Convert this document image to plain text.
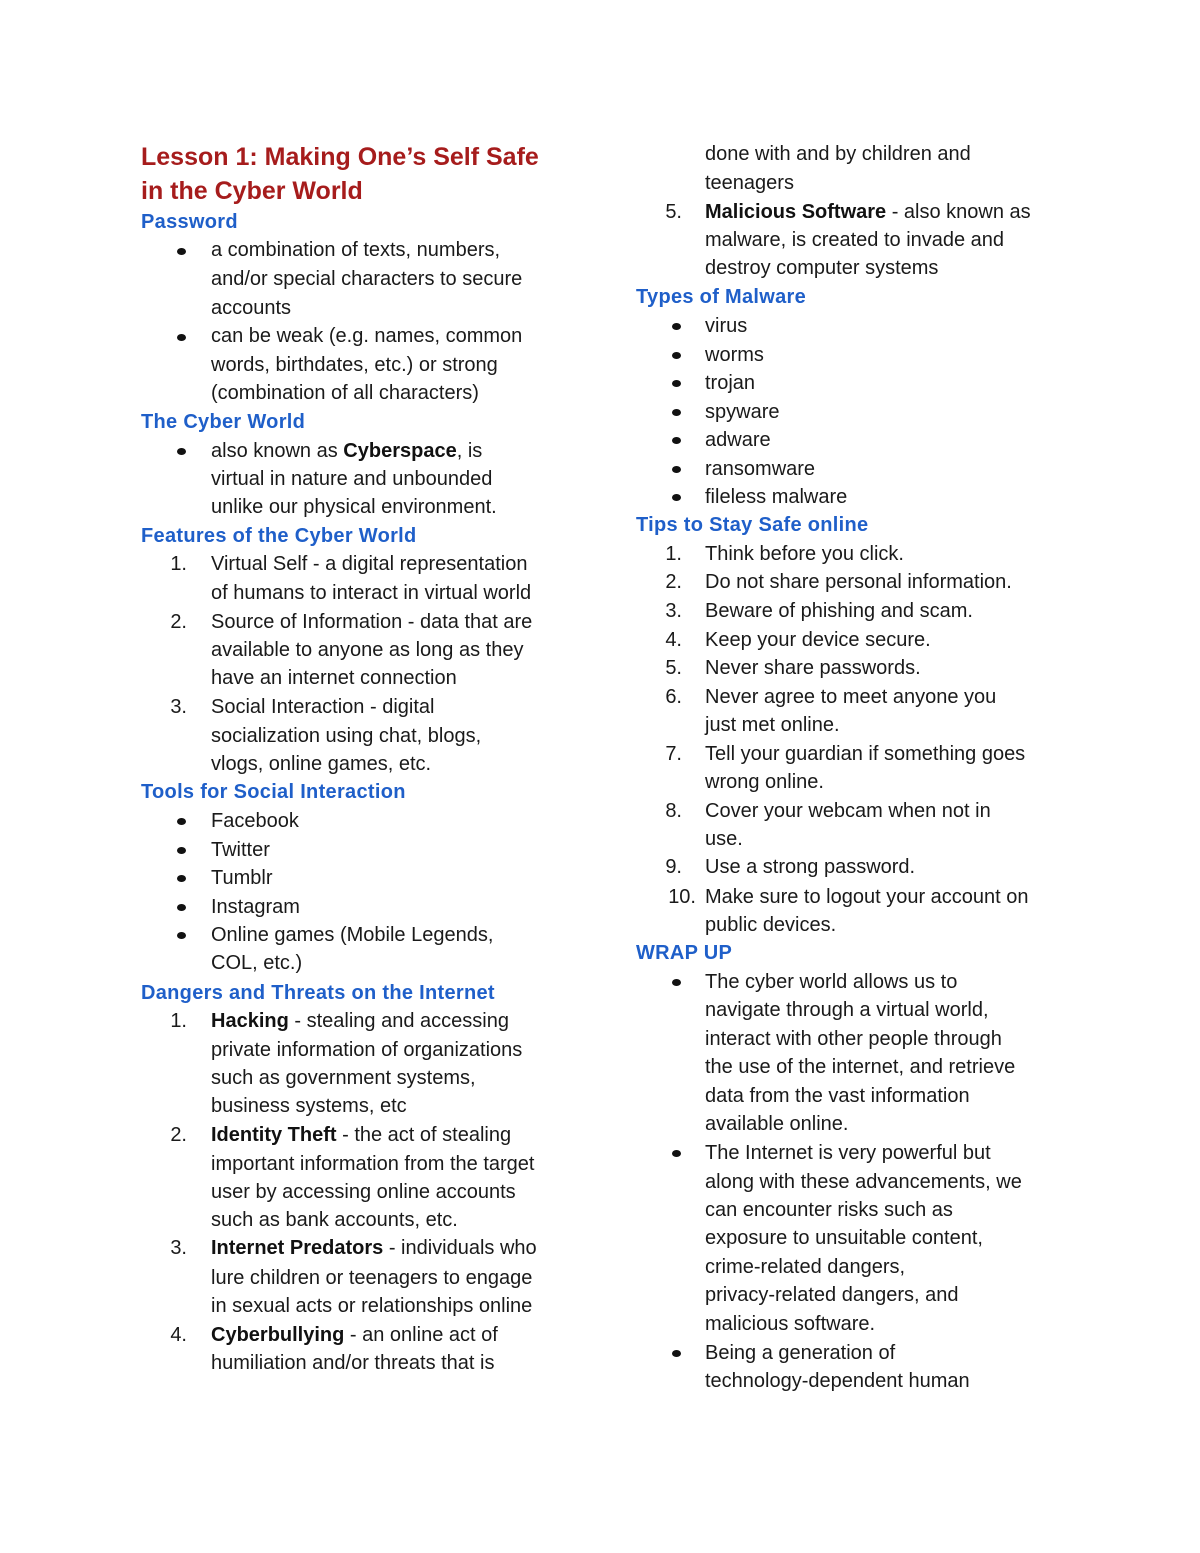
Lesson 1: Making One’s Self Safe
in the Cyber World
Password
a combination of texts, numbers,
and/or special characters to secure
accounts
can be weak (e.g. names, common
words, birthdates, etc.) or strong
(combination of all characters)
The Cyber World
also known as Cyberspace, is
virtual in nature and unbounded
unlike our physical environment.
Features of the Cyber World
1. Virtual Self - a digital representation
of humans to interact in virtual world
2. Source of Information - data that are
available to anyone as long as they
have an internet connection
3. Social Interaction - digital
socialization using chat, blogs,
vlogs, online games, etc.
Tools for Social Interaction
Facebook
Twitter
Tumblr
Instagram
Online games (Mobile Legends,
COL, etc.)
Dangers and Threats on the Internet
1. Hacking - stealing and accessing
private information of organizations
such as government systems,
business systems, etc
2. Identity Theft - the act of stealing
important information from the target
user by accessing online accounts
such as bank accounts, etc.
3. Internet Predators - individuals who
lure children or teenagers to engage
in sexual acts or relationships online
4. Cyberbullying - an online act of
humiliation and/or threats that is
done with and by children and
teenagers
5. Malicious Software - also known as
malware, is created to invade and
destroy computer systems
Types of Malware
virus
worms
trojan
spyware
adware
ransomware
fileless malware
Tips to Stay Safe online
1. Think before you click.
2. Do not share personal information.
3. Beware of phishing and scam.
4. Keep your device secure.
5. Never share passwords.
6. Never agree to meet anyone you
just met online.
7. Tell your guardian if something goes
wrong online.
8. Cover your webcam when not in
use.
9. Use a strong password.
10. Make sure to logout your account on
public devices.
WRAP UP
The cyber world allows us to
navigate through a virtual world,
interact with other people through
the use of the internet, and retrieve
data from the vast information
available online.
The Internet is very powerful but
along with these advancements, we
can encounter risks such as
exposure to unsuitable content,
crime-related dangers,
privacy-related dangers, and
malicious software.
Being a generation of
technology-dependent human
